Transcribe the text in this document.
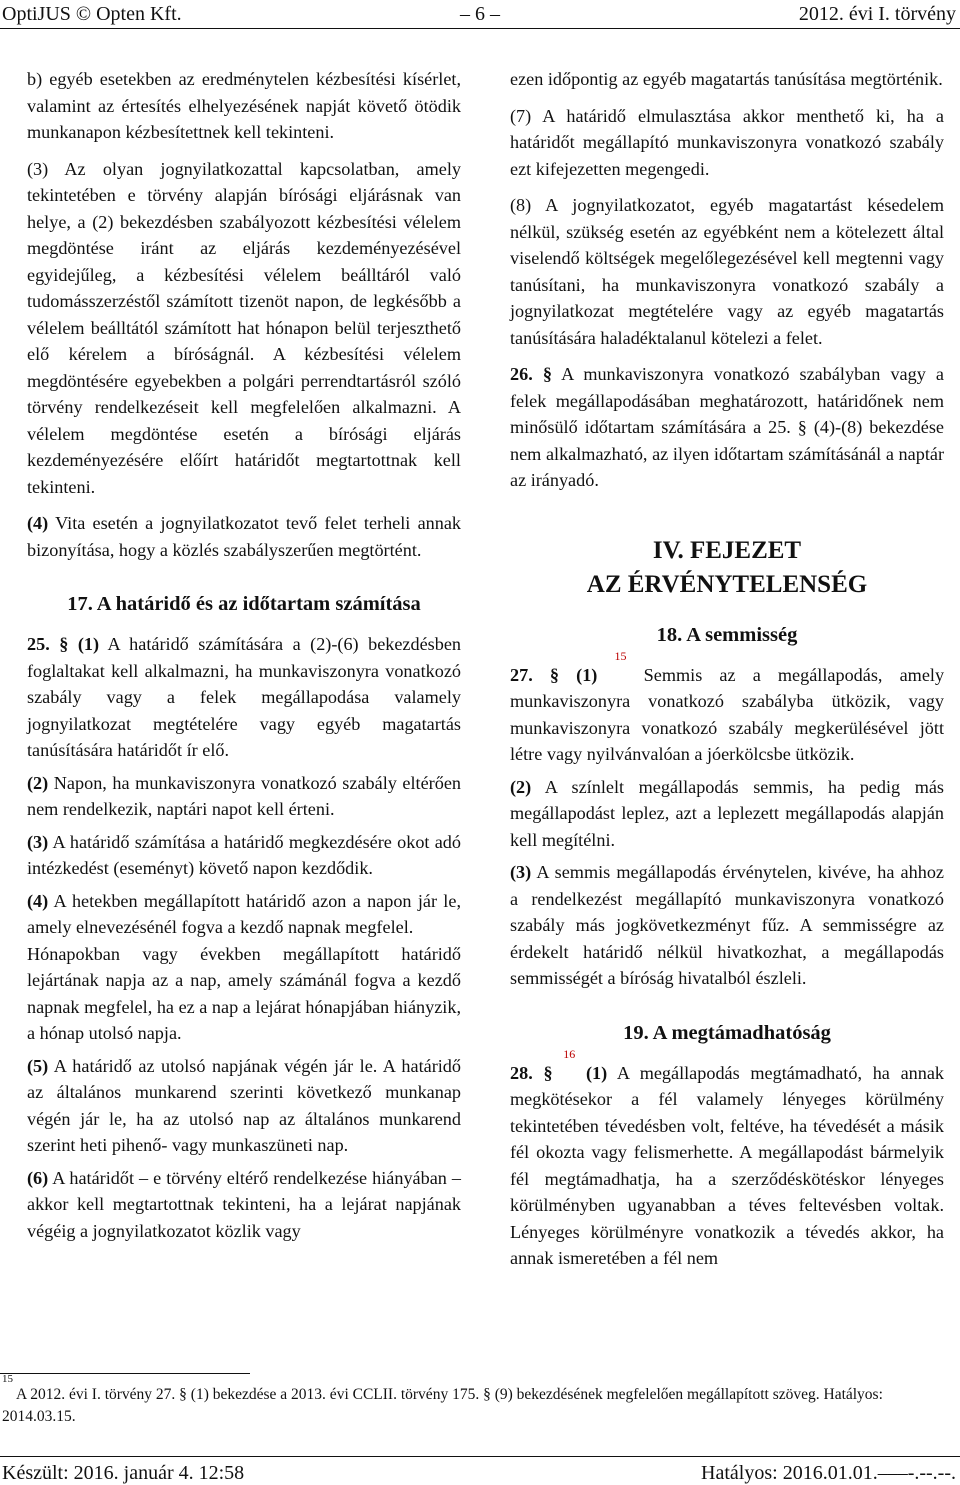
OptiJUS © Opten Kft.	– 6 –	2012. évi I. törvény

b) egyéb esetekben az eredménytelen kézbesítési kísérlet, valamint az értesítés elhelyezésének napját követő ötödik munkanapon kézbesítettnek kell tekinteni.

(3) Az olyan jognyilatkozattal kapcsolatban, amely tekintetében e törvény alapján bírósági eljárásnak van helye, a (2) bekezdésben szabályozott kézbesítési vélelem megdöntése iránt az eljárás kezdeményezésével egyidejűleg, a kézbesítési vélelem beálltáról való tudomásszerzéstől számított tizenöt napon, de legkésőbb a vélelem beálltától számított hat hónapon belül terjeszthető elő kérelem a bíróságnál. A kézbesítési vélelem megdöntésére egyebekben a polgári perrendtartásról szóló törvény rendelkezéseit kell megfelelően alkalmazni. A vélelem megdöntése esetén a bírósági eljárás kezdeményezésére előírt határidőt megtartottnak kell tekinteni.

(4) Vita esetén a jognyilatkozatot tevő felet terheli annak bizonyítása, hogy a közlés szabályszerűen megtörtént.

17. A határidő és az időtartam számítása

25. § (1) A határidő számítására a (2)-(6) bekezdésben foglaltakat kell alkalmazni, ha munkaviszonyra vonatkozó szabály vagy a felek megállapodása valamely jognyilatkozat megtételére vagy egyéb magatartás tanúsítására határidőt ír elő.

(2) Napon, ha munkaviszonyra vonatkozó szabály eltérően nem rendelkezik, naptári napot kell érteni.

(3) A határidő számítása a határidő megkezdésére okot adó intézkedést (eseményt) követő napon kezdődik.

(4) A hetekben megállapított határidő azon a napon jár le, amely elnevezésénél fogva a kezdő napnak megfelel.

Hónapokban vagy években megállapított határidő lejártának napja az a nap, amely számánál fogva a kezdő napnak megfelel, ha ez a nap a lejárat hónapjában hiányzik, a hónap utolsó napja.

(5) A határidő az utolsó napjának végén jár le. A határidő az általános munkarend szerinti következő munkanap végén jár le, ha az utolsó nap az általános munkarend szerint heti pihenő- vagy munkaszüneti nap.

(6) A határidőt – e törvény eltérő rendelkezése hiányában – akkor kell megtartottnak tekinteni, ha a lejárat napjának végéig a jognyilatkozatot közlik vagy

ezen időpontig az egyéb magatartás tanúsítása megtörténik.

(7) A határidő elmulasztása akkor menthető ki, ha a határidőt megállapító munkaviszonyra vonatkozó szabály ezt kifejezetten megengedi.

(8) A jognyilatkozatot, egyéb magatartást késedelem nélkül, szükség esetén az egyébként nem a kötelezett által viselendő költségek megelőlegezésével kell megtenni vagy tanúsítani, ha munkaviszonyra vonatkozó szabály a jognyilatkozat megtételére vagy az egyéb magatartás tanúsítására haladéktalanul kötelezi a felet.

26. § A munkaviszonyra vonatkozó szabályban vagy a felek megállapodásában meghatározott, határidőnek nem minősülő időtartam számítására a 25. § (4)-(8) bekezdése nem alkalmazható, az ilyen időtartam számításánál a naptár az irányadó.

IV. FEJEZET
AZ ÉRVÉNYTELENSÉG
18. A semmisség

27. § (1) $^{15}$ Semmis az a megállapodás, amely munkaviszonyra vonatkozó szabályba ütközik, vagy munkaviszonyra vonatkozó szabály megkerülésével jött létre vagy nyilvánvalóan a jóerkölcsbe ütközik.

(2) A színlelt megállapodás semmis, ha pedig más megállapodást leplez, azt a leplezett megállapodás alapján kell megítélni.

(3) A semmis megállapodás érvénytelen, kivéve, ha ahhoz a rendelkezést megállapító munkaviszonyra vonatkozó szabály más jogkövetkezményt fűz. A semmisségre az érdekelt határidő nélkül hivatkozhat, a megállapodás semmisségét a bíróság hivatalból észleli.

19. A megtámadhatóság

28. § $^{16}$ (1) A megállapodás megtámadható, ha annak megkötésekor a fél valamely lényeges körülmény tekintetében tévedésben volt, feltéve, ha tévedését a másik fél okozta vagy felismerhette. A megállapodást bármelyik fél megtámadhatja, ha a szerződéskötéskor lényeges körülményben ugyanabban a téves feltevésben voltak. Lényeges körülményre vonatkozik a tévedés akkor, ha annak ismeretében a fél nem

$^{15}$ A 2012. évi I. törvény 27. § (1) bekezdése a 2013. évi CCLII. törvény 175. § (9) bekezdésének megfelelően megállapított szöveg. Hatályos: 2014.03.15.
Készült: 2016. január 4. 12:58	Hatályos: 2016.01.01.–––-.--.--.
